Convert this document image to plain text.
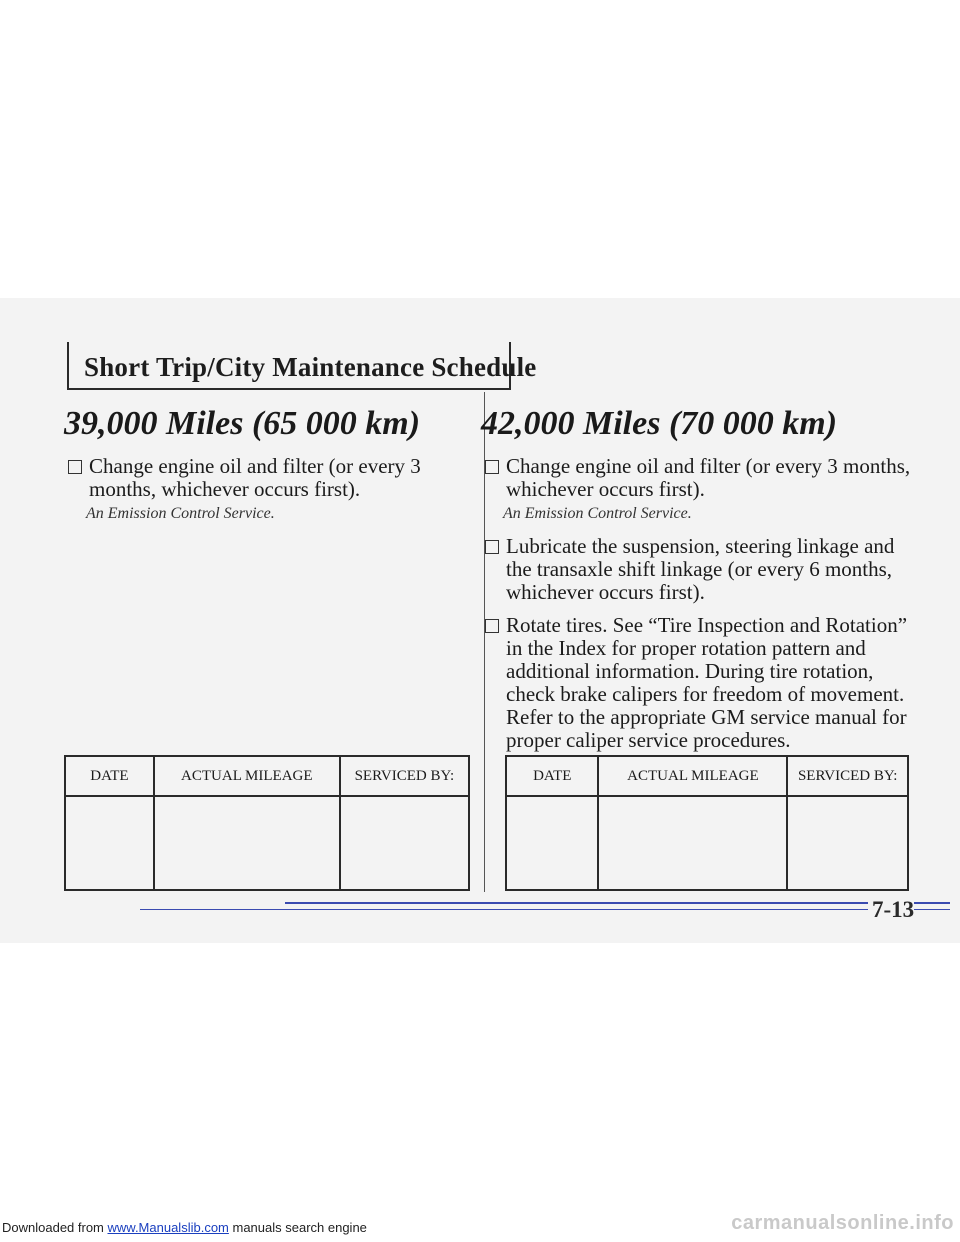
Short Trip/City Maintenance Schedule
39,000 Miles (65 000 km)
Change engine oil and filter (or every 3 months, whichever occurs first).
An Emission Control Service.
42,000 Miles (70 000 km)
Change engine oil and filter (or every 3 months, whichever occurs first).
An Emission Control Service.
Lubricate the suspension, steering linkage and the transaxle shift linkage (or every 6 months, whichever occurs first).
Rotate tires. See “Tire Inspection and Rotation” in the Index for proper rotation pattern and additional information. During tire rotation, check brake calipers for freedom of movement. Refer to the appropriate GM service manual for proper caliper service procedures.
DATE	ACTUAL MILEAGE	SERVICED BY:
			DATE	ACTUAL MILEAGE	SERVICED BY:

7-13
Downloaded from www.Manualslib.com manuals search engine	carmanualsonline.info
